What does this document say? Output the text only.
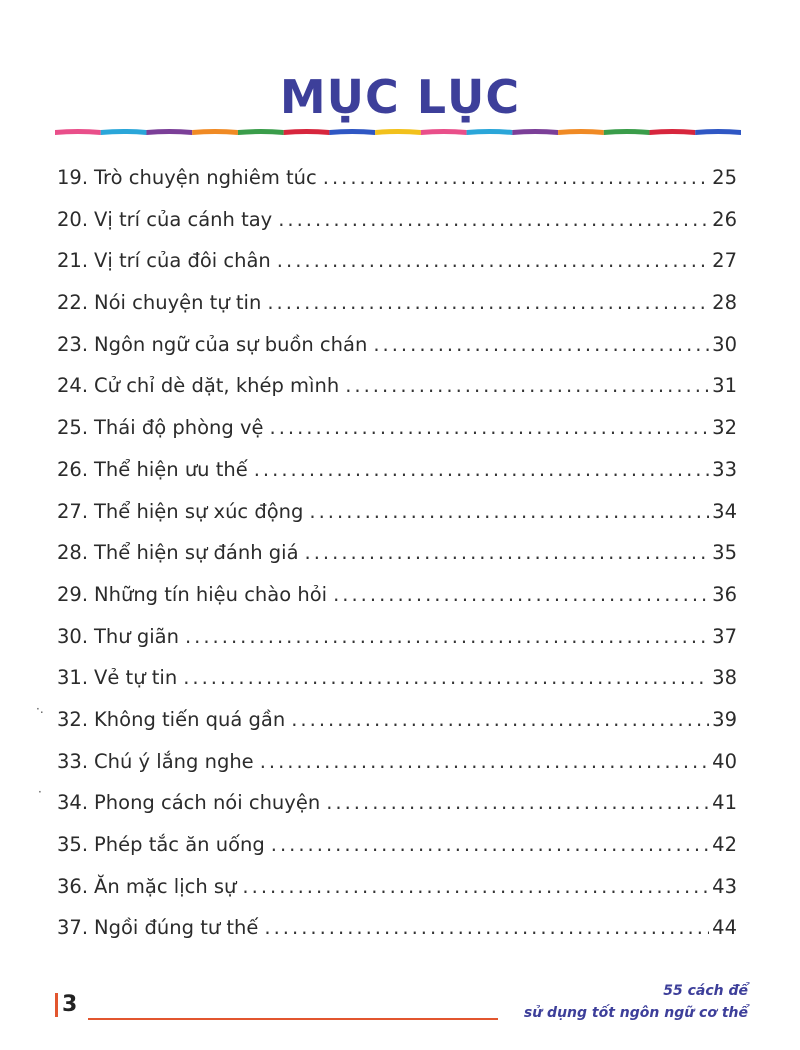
MỤC LỤC
19. Trò chuyện nghiêm túc .....	25
20. Vị trí của cánh tay .....	26
21. Vị trí của đôi chân .....	27
22. Nói chuyện tự tin .....	28
23. Ngôn ngữ của sự buồn chán .....	30
24. Cử chỉ dè dặt, khép mình .....	31
25. Thái độ phòng vệ .....	32
26. Thể hiện ưu thế .....	33
27. Thể hiện sự xúc động .....	34
28. Thể hiện sự đánh giá .....	35
29. Những tín hiệu chào hỏi .....	36
30. Thư giãn .....	37
31. Vẻ tự tin .....	38
32. Không tiến quá gần .....	39
33. Chú ý lắng nghe .....	40
34. Phong cách nói chuyện .....	41
35. Phép tắc ăn uống .....	42
36. Ăn mặc lịch sự .....	43
37. Ngồi đúng tư thế .....	44
·.
·
3
55 cách để
sử dụng tốt ngôn ngữ cơ thể
